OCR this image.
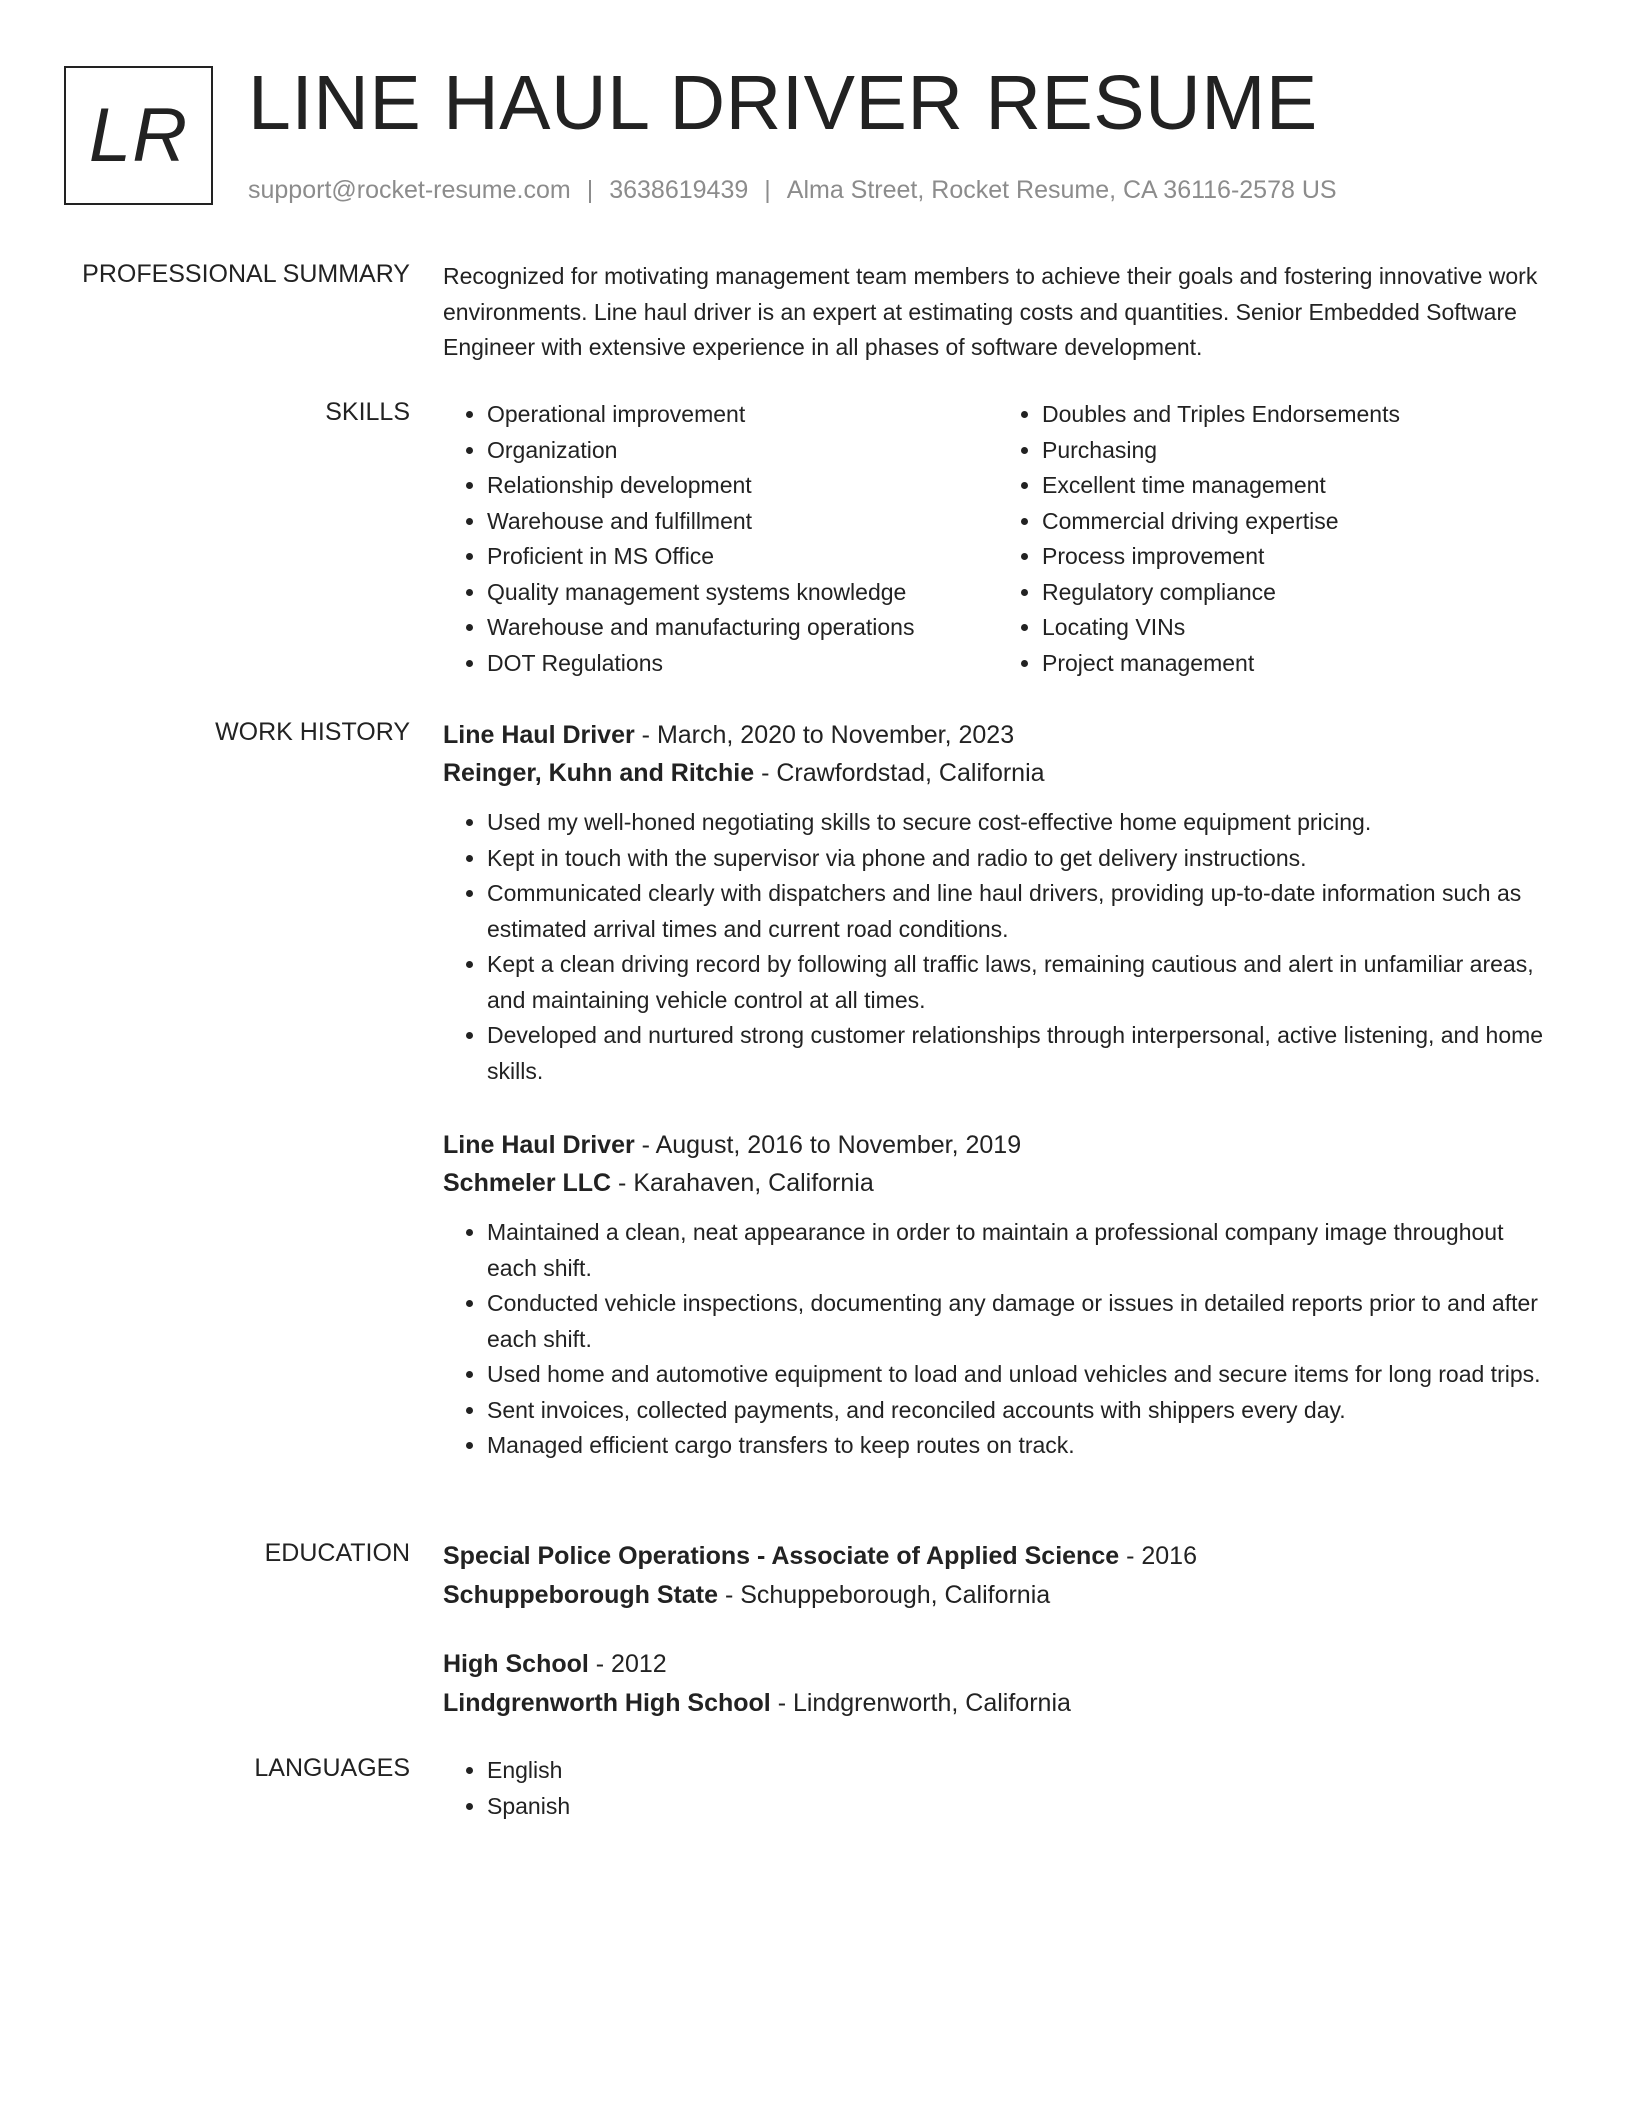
LR LINE HAUL DRIVER RESUME
support@rocket-resume.com | 3638619439 | Alma Street, Rocket Resume, CA 36116-2578 US
PROFESSIONAL SUMMARY Recognized for motivating management team members to achieve their goals and fostering innovative work environments. Line haul driver is an expert at estimating costs and quantities. Senior Embedded Software Engineer with extensive experience in all phases of software development.

SKILLS	• Operational improvement
• Organization
• Relationship development
• Warehouse and fulfillment
• Proficient in MS Office
• Quality management systems knowledge
• Warehouse and manufacturing operations
• DOT Regulations
• Doubles and Triples Endorsements
• Purchasing
• Excellent time management
• Commercial driving expertise
• Process improvement
• Regulatory compliance
• Locating VINs
• Project management
WORK HISTORY Line Haul Driver - March, 2020 to November, 2023
Reinger, Kuhn and Ritchie - Crawfordstad, California
• Used my well-honed negotiating skills to secure cost-effective home equipment pricing.
• Kept in touch with the supervisor via phone and radio to get delivery instructions.
• Communicated clearly with dispatchers and line haul drivers, providing up-to-date information such as estimated arrival times and current road conditions.
• Kept a clean driving record by following all traffic laws, remaining cautious and alert in unfamiliar areas, and maintaining vehicle control at all times.
• Developed and nurtured strong customer relationships through interpersonal, active listening, and home skills.
Line Haul Driver - August, 2016 to November, 2019
Schmeler LLC - Karahaven, California
• Maintained a clean, neat appearance in order to maintain a professional company image throughout each shift.
• Conducted vehicle inspections, documenting any damage or issues in detailed reports prior to and after each shift.
• Used home and automotive equipment to load and unload vehicles and secure items for long road trips.
• Sent invoices, collected payments, and reconciled accounts with shippers every day.
• Managed efficient cargo transfers to keep routes on track.
EDUCATION Special Police Operations - Associate of Applied Science - 2016
Schuppeborough State - Schuppeborough, California
High School - 2012
Lindgrenworth High School - Lindgrenworth, California
LANGUAGES	• English
• Spanish
